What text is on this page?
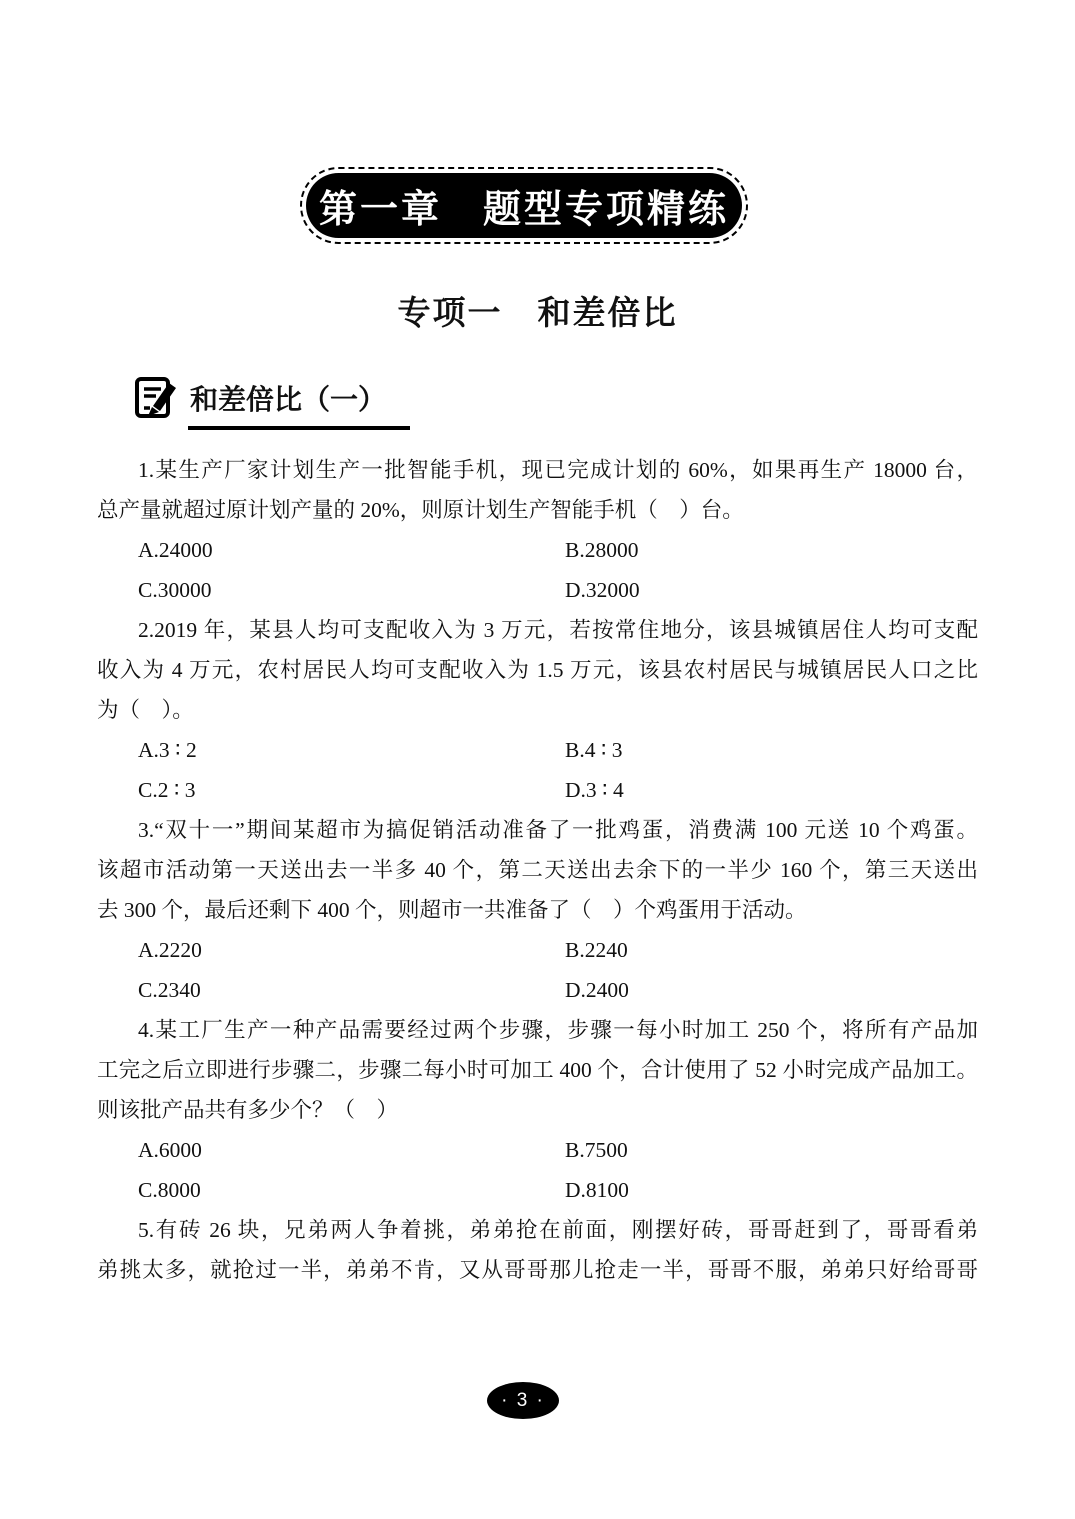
第一章　题型专项精练
专项一　和差倍比
和差倍比（一）
1.某生产厂家计划生产一批智能手机，现已完成计划的 60%，如果再生产 18000 台，
总产量就超过原计划产量的 20%，则原计划生产智能手机（　）台。
A.24000	B.28000
C.30000	D.32000
2.2019 年，某县人均可支配收入为 3 万元，若按常住地分，该县城镇居住人均可支配
收入为 4 万元，农村居民人均可支配收入为 1.5 万元，该县农村居民与城镇居民人口之比
为（　）。
A.3 ∶ 2	B.4 ∶ 3
C.2 ∶ 3	D.3 ∶ 4
3.“双十一”期间某超市为搞促销活动准备了一批鸡蛋，消费满 100 元送 10 个鸡蛋。
该超市活动第一天送出去一半多 40 个，第二天送出去余下的一半少 160 个，第三天送出
去 300 个，最后还剩下 400 个，则超市一共准备了（　）个鸡蛋用于活动。
A.2220	B.2240
C.2340	D.2400
4.某工厂生产一种产品需要经过两个步骤，步骤一每小时加工 250 个，将所有产品加
工完之后立即进行步骤二，步骤二每小时可加工 400 个，合计使用了 52 小时完成产品加工。
则该批产品共有多少个？（　）
A.6000	B.7500
C.8000	D.8100
5.有砖 26 块，兄弟两人争着挑，弟弟抢在前面，刚摆好砖，哥哥赶到了，哥哥看弟
弟挑太多，就抢过一半，弟弟不肯，又从哥哥那儿抢走一半，哥哥不服，弟弟只好给哥哥
· 3 ·
